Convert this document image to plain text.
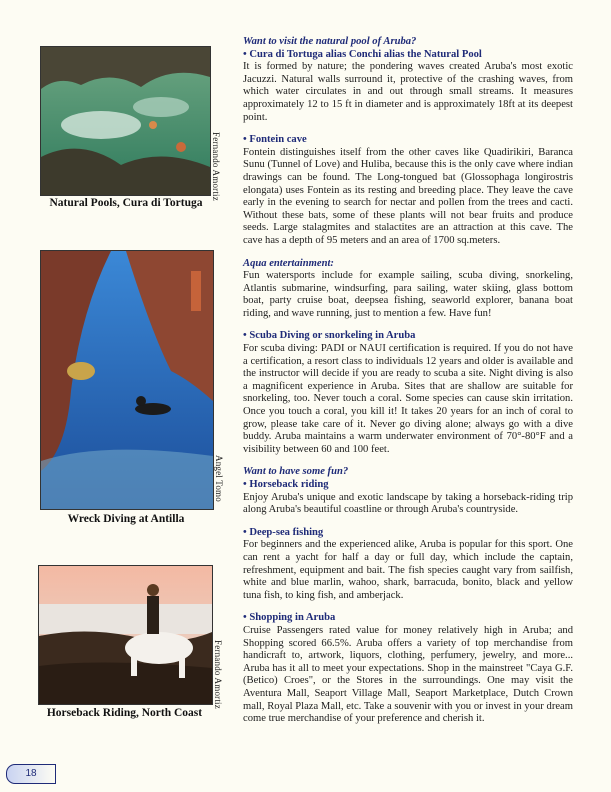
Fernando Amortiz
Natural Pools, Cura di Tortuga
Angel Tomo
Wreck Diving at Antilla
Fernando Amortiz
Horseback Riding, North Coast

Want to visit the natural pool of Aruba?

• Cura di Tortuga alias Conchi alias the Natural Pool

It is formed by nature; the pondering waves created Aruba's most exotic Jacuzzi. Natural walls surround it, protective of the crashing waves, from which water circulates in and out through small streams. It measures approximately 12 to 15 ft in diameter and is approximately 18ft at its deepest point.

• Fontein cave

Fontein distinguishes itself from the other caves like Quadirikiri, Baranca Sunu (Tunnel of Love) and Huliba, because this is the only cave where indian drawings can be found. The Long-tongued bat (Glossophaga longirostris elongata) uses Fontein as its resting and breeding place. They leave the cave early in the evening to search for nectar and pollen from the trees and cacti. Without these bats, some of these plants will not bear fruits and produce seeds. Large stalagmites and stalactites are an attraction at this cave. The cave has a depth of 95 meters and an area of 1700 sq.meters.

Aqua entertainment:

Fun watersports include for example sailing, scuba diving, snorkeling, Atlantis submarine, windsurfing, para sailing, water skiing, glass bottom boat, party cruise boat, deepsea fishing, seaworld explorer, banana boat riding, and wave running, just to mention a few. Have fun!

• Scuba Diving or snorkeling in Aruba

For scuba diving: PADI or NAUI certification is required. If you do not have a certification, a resort class to individuals 12 years and older is available and the instructor will decide if you are ready to scuba a site. Night diving is also a magnificent experience in Aruba. Sites that are shallow are suitable for snorkeling, too. Never touch a coral. Some species can cause skin irritation. Once you touch a coral, you kill it! It takes 20 years for an inch of coral to grow, please take care of it. Never go diving alone; always go with a dive buddy. Aruba maintains a warm underwater environment of 70°-80°F and a visibility between 60 and 100 feet.

Want to have some fun?

• Horseback riding

Enjoy Aruba's unique and exotic landscape by taking a horseback-riding trip along Aruba's beautiful coastline or through Aruba's countryside.

• Deep-sea fishing

For beginners and the experienced alike, Aruba is popular for this sport. One can rent a yacht for half a day or full day, which include the captain, refreshment, equipment and bait. The fish species caught vary from sailfish, white and blue marlin, wahoo, shark, barracuda, bonito, black and yellow tuna fish, to king fish, and amberjack.

• Shopping in Aruba

Cruise Passengers rated value for money relatively high in Aruba; and Shopping scored 66.5%. Aruba offers a variety of top merchandise from handicraft to, artwork, liquors, clothing, perfumery, jewelry, and more... Aruba has it all to meet your expectations. Shop in the mainstreet "Caya G.F. (Betico) Croes", or the Stores in the surroundings. One may visit the Aventura Mall, Seaport Village Mall, Seaport Marketplace, Dutch Crown mall, Royal Plaza Mall, etc. Take a souvenir with you or invest in your dream come true merchandise of your preference and cherish it.

18
